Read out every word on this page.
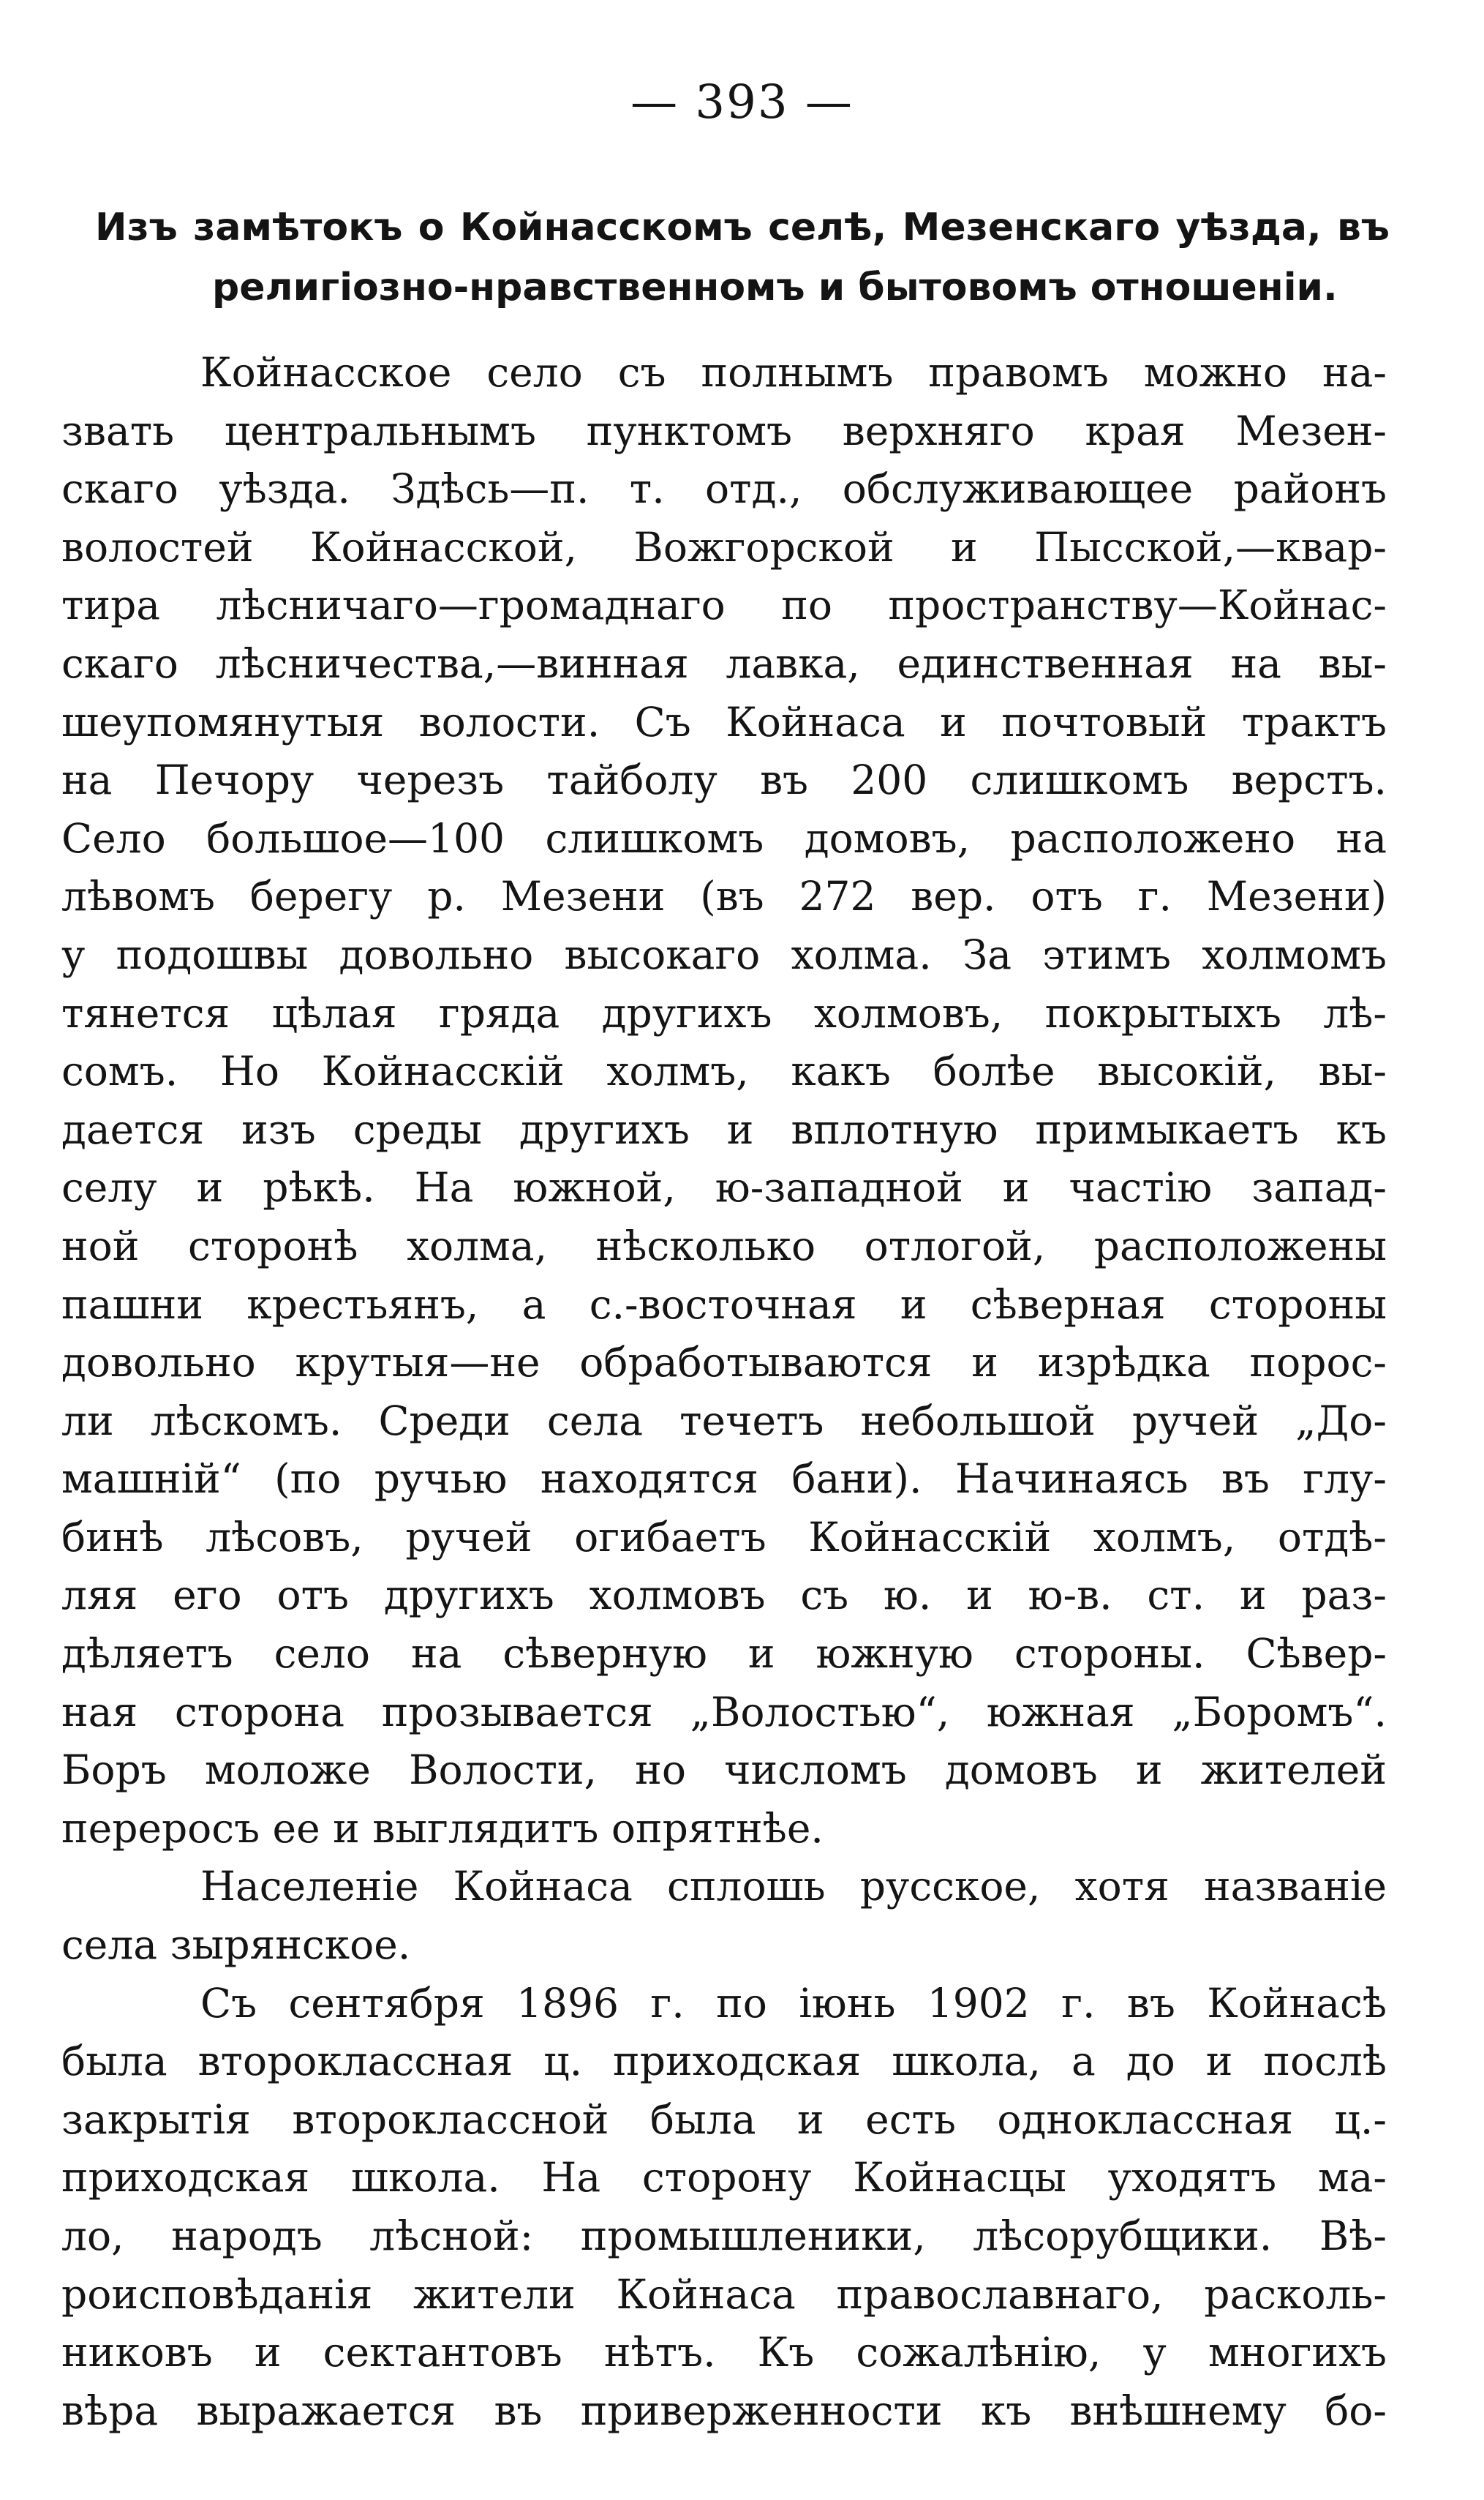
— 393 —
Изъ замѣтокъ о Койнасскомъ селѣ, Мезенскаго уѣзда, въ
религіозно-нравственномъ и бытовомъ отношеніи.
Койнасское село съ полнымъ правомъ можно на-
звать центральнымъ пунктомъ верхняго края Мезен-
скаго уѣзда. Здѣсь—п. т. отд., обслуживающее районъ
волостей Койнасской, Вожгорской и Пысской,—квар-
тира лѣсничаго—громаднаго по пространству—Койнас-
скаго лѣсничества,—винная лавка, единственная на вы-
шеупомянутыя волости. Съ Койнаса и почтовый трактъ
на Печору черезъ тайболу въ 200 слишкомъ верстъ.
Село большое—100 слишкомъ домовъ, расположено на
лѣвомъ берегу р. Мезени (въ 272 вер. отъ г. Мезени)
у подошвы довольно высокаго холма. За этимъ холмомъ
тянется цѣлая гряда другихъ холмовъ, покрытыхъ лѣ-
сомъ. Но Койнасскій холмъ, какъ болѣе высокій, вы-
дается изъ среды другихъ и вплотную примыкаетъ къ
селу и рѣкѣ. На южной, ю-западной и частію запад-
ной сторонѣ холма, нѣсколько отлогой, расположены
пашни крестьянъ, а с.-восточная и сѣверная стороны
довольно крутыя—не обработываются и изрѣдка порос-
ли лѣскомъ. Среди села течетъ небольшой ручей „До-
машній“ (по ручью находятся бани). Начинаясь въ глу-
бинѣ лѣсовъ, ручей огибаетъ Койнасскій холмъ, отдѣ-
ляя его отъ другихъ холмовъ съ ю. и ю-в. ст. и раз-
дѣляетъ село на сѣверную и южную стороны. Сѣвер-
ная сторона прозывается „Волостью“, южная „Боромъ“.
Боръ моложе Волости, но числомъ домовъ и жителей
переросъ ее и выглядитъ опрятнѣе.
Населеніе Койнаса сплошь русское, хотя названіе
села зырянское.
Съ сентября 1896 г. по іюнь 1902 г. въ Койнасѣ
была второклассная ц. приходская школа, а до и послѣ
закрытія второклассной была и есть одноклассная ц.-
приходская школа. На сторону Койнасцы уходятъ ма-
ло, народъ лѣсной: промышленики, лѣсорубщики. Вѣ-
роисповѣданія жители Койнаса православнаго, расколь-
никовъ и сектантовъ нѣтъ. Къ сожалѣнію, у многихъ
вѣра выражается въ приверженности къ внѣшнему бо-
